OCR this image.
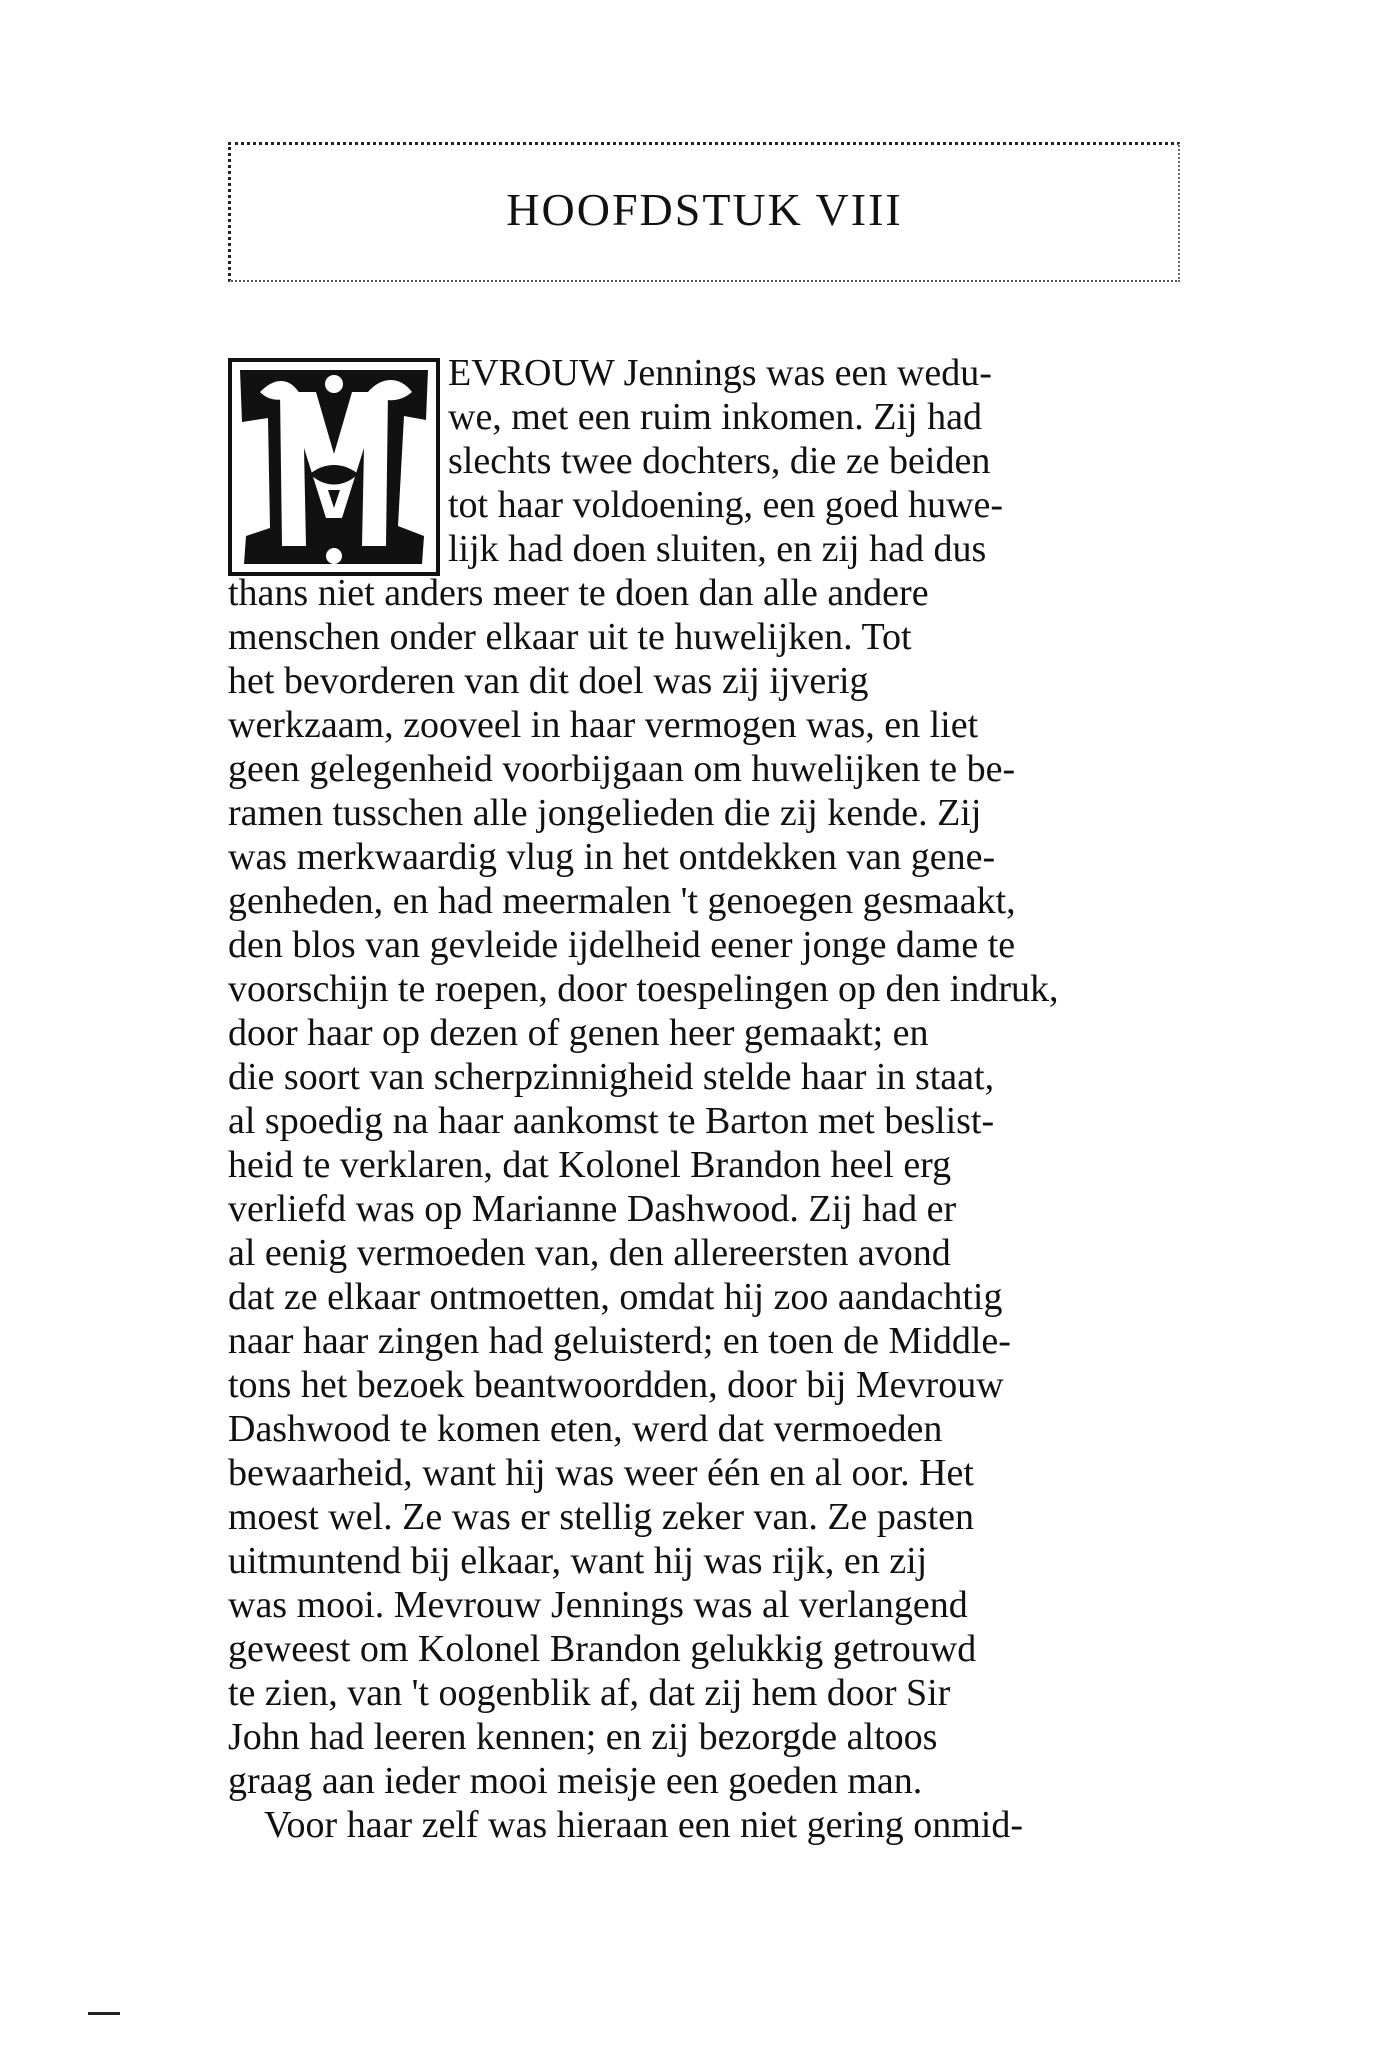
HOOFDSTUK VIII
EVROUW Jennings was een wedu-
we, met een ruim inkomen. Zij had
slechts twee dochters, die ze beiden
tot haar voldoening, een goed huwe-
lijk had doen sluiten, en zij had dus
thans niet anders meer te doen dan alle andere
menschen onder elkaar uit te huwelijken. Tot
het bevorderen van dit doel was zij ijverig
werkzaam, zooveel in haar vermogen was, en liet
geen gelegenheid voorbijgaan om huwelijken te be-
ramen tusschen alle jongelieden die zij kende. Zij
was merkwaardig vlug in het ontdekken van gene-
genheden, en had meermalen 't genoegen gesmaakt,
den blos van gevleide ijdelheid eener jonge dame te
voorschijn te roepen, door toespelingen op den indruk,
door haar op dezen of genen heer gemaakt; en
die soort van scherpzinnigheid stelde haar in staat,
al spoedig na haar aankomst te Barton met beslist-
heid te verklaren, dat Kolonel Brandon heel erg
verliefd was op Marianne Dashwood. Zij had er
al eenig vermoeden van, den allereersten avond
dat ze elkaar ontmoetten, omdat hij zoo aandachtig
naar haar zingen had geluisterd; en toen de Middle-
tons het bezoek beantwoordden, door bij Mevrouw
Dashwood te komen eten, werd dat vermoeden
bewaarheid, want hij was weer één en al oor. Het
moest wel. Ze was er stellig zeker van. Ze pasten
uitmuntend bij elkaar, want hij was rijk, en zij
was mooi. Mevrouw Jennings was al verlangend
geweest om Kolonel Brandon gelukkig getrouwd
te zien, van 't oogenblik af, dat zij hem door Sir
John had leeren kennen; en zij bezorgde altoos
graag aan ieder mooi meisje een goeden man.
Voor haar zelf was hieraan een niet gering onmid-
